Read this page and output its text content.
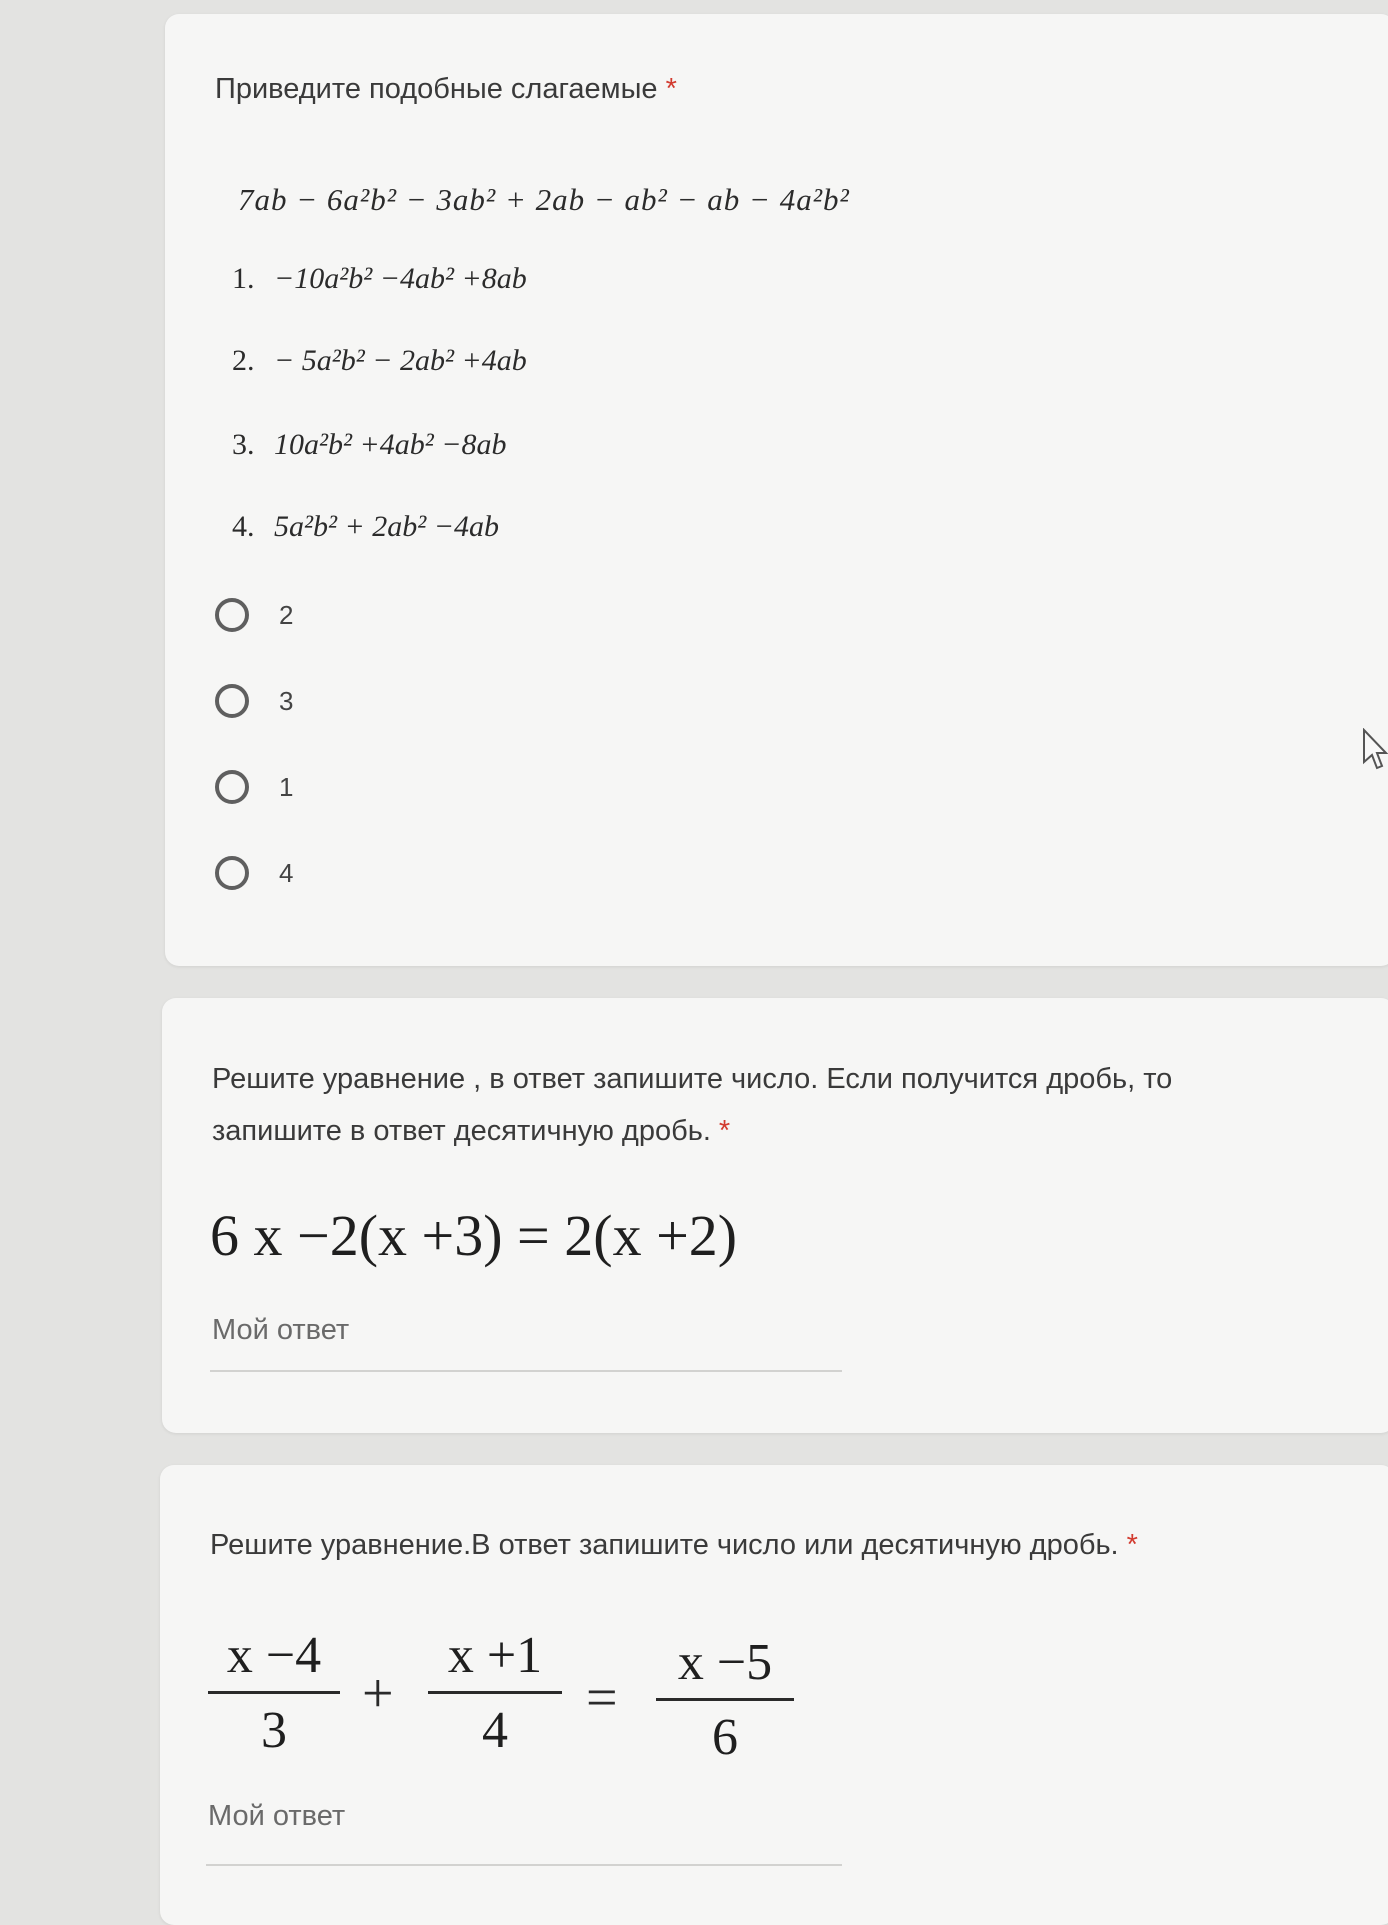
Приведите подобные слагаемые *
7ab − 6a²b² − 3ab² + 2ab − ab² − ab − 4a²b²
1. −10a²b² −4ab² +8ab
2. − 5a²b² − 2ab² +4ab
3. 10a²b² +4ab² −8ab
4. 5a²b² + 2ab² −4ab
2
3
1
4
Решите уравнение , в ответ запишите число. Если получится дробь, то
запишите в ответ десятичную дробь. *
6 x −2(x +3) = 2(x +2)
Мой ответ
Решите уравнение.В ответ запишите число или десятичную дробь. *
x −4
3
+
x +1
4
=
x −5
6
Мой ответ
